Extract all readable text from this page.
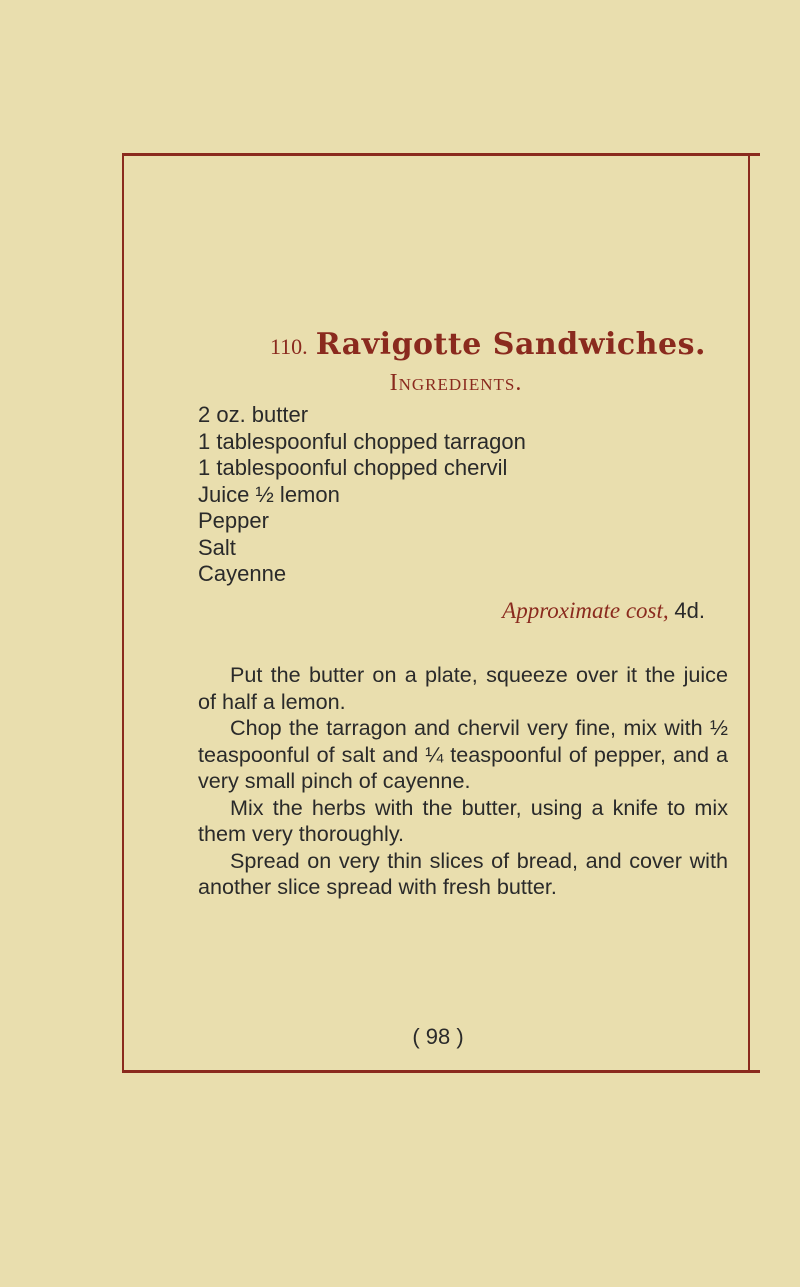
110. Ravigotte Sandwiches.
Ingredients.
2 oz. butter
1 tablespoonful chopped tarragon
1 tablespoonful chopped chervil
Juice ½ lemon
Pepper
Salt
Cayenne
Approximate cost, 4d.

Put the butter on a plate, squeeze over it the juice of half a lemon.

Chop the tarragon and chervil very fine, mix with ½ teaspoonful of salt and ¼ teaspoonful of pepper, and a very small pinch of cayenne.

Mix the herbs with the butter, using a knife to mix them very thoroughly.

Spread on very thin slices of bread, and cover with another slice spread with fresh butter.

( 98 )
